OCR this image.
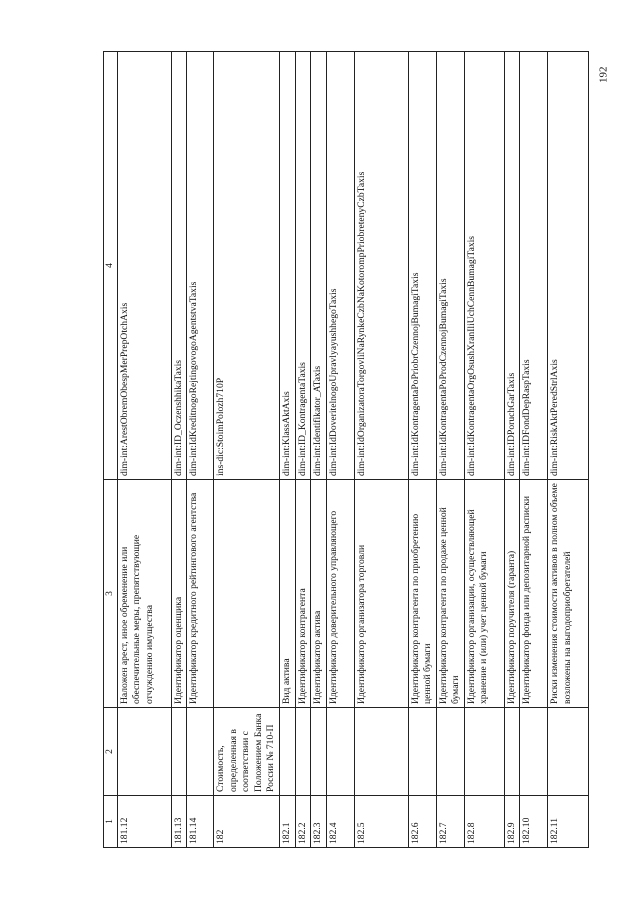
192
1	2	3	4
181.12		Наложен арест, иное обременение или обеспечительные меры, препятствующие отчуждению имущества	dim-int:ArestObremObespMerPrepOtchAxis
181.13		Идентификатор оценщика	dim-int:ID_OczenshhikaTaxis
181.14		Идентификатор кредитного рейтингового агентства	dim-int:IdKreditnogoRejtingovogoAgentstvaTaxis
182	Стоимость, определенная в соответствии с Положением Банка России № 710-П		ins-dic:StoimPolozh710P
182.1		Вид актива	dim-int:KlassAktAxis
182.2		Идентификатор контрагента	dim-int:ID_KontragentaTaxis
182.3		Идентификатор актива	dim-int:Identifikator_ATaxis
182.4		Идентификатор доверительного управляющего	dim-int:IdDoveritelnogoUpravlyayushhegoTaxis
182.5		Идентификатор организатора торговли	dim-int:IdOrganizatoraTorgovliNaRynkeCzbNaKotorompPriobretenyCzbTaxis
182.6		Идентификатор контрагента по приобретению ценной бумаги	dim-int:IdKontragentaPoPriobrCzennojBumagiTaxis
182.7		Идентификатор контрагента по продаже ценной бумаги	dim-int:IdKontragentaPoProdCzennojBumagiTaxis
182.8		Идентификатор организации, осуществляющей хранение и (или) учет ценной бумаги	dim-int:IdKontragentaOrgOsushXranIliUchCennBumagiTaxis
182.9		Идентификатор поручителя (гаранта)	dim-int:IDPoruchGarTaxis
182.10		Идентификатор фонда или депозитарной расписки	dim-int:IDFondDepRaspTaxis
182.11		Риски изменения стоимости активов в полном объеме возложены на выгодоприобретателей	dim-int:RiskAktPeredStrlAxis
